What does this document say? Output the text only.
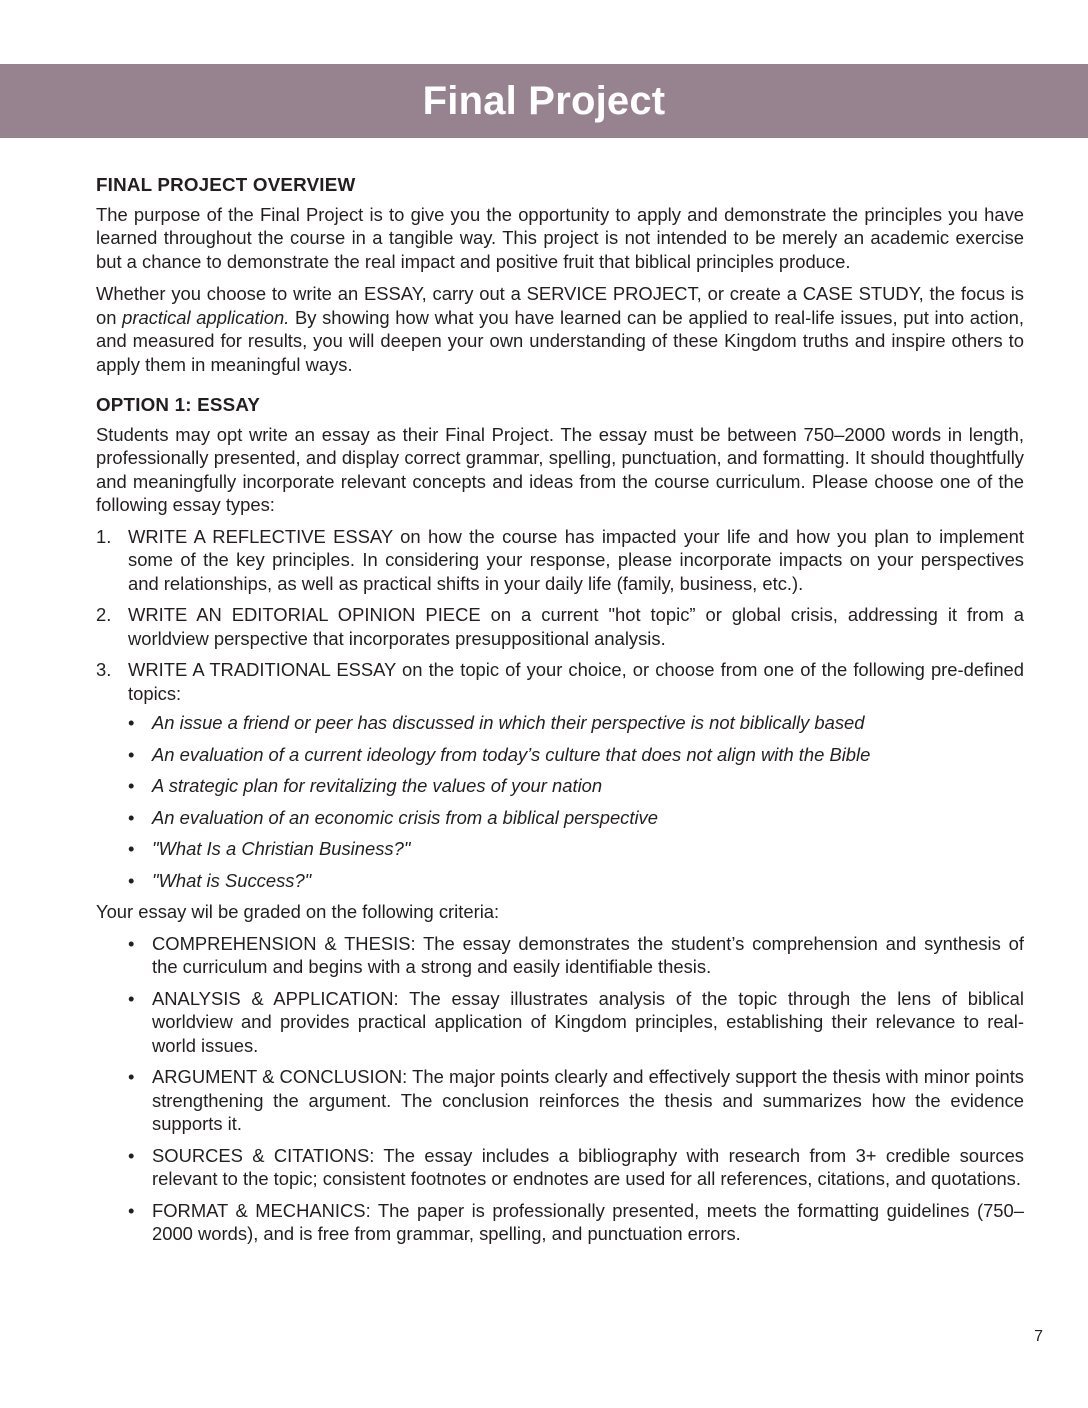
Final Project
FINAL PROJECT OVERVIEW

The purpose of the Final Project is to give you the opportunity to apply and demonstrate the principles you have learned throughout the course in a tangible way. This project is not intended to be merely an academic exercise but a chance to demonstrate the real impact and positive fruit that biblical principles produce.

Whether you choose to write an ESSAY, carry out a SERVICE PROJECT, or create a CASE STUDY, the focus is on practical application. By showing how what you have learned can be applied to real-life issues, put into action, and measured for results, you will deepen your own understanding of these Kingdom truths and inspire others to apply them in meaningful ways.

OPTION 1: ESSAY

Students may opt write an essay as their Final Project. The essay must be between 750–2000 words in length, professionally presented, and display correct grammar, spelling, punctuation, and formatting. It should thoughtfully and meaningfully incorporate relevant concepts and ideas from the course curriculum. Please choose one of the following essay types:

1. WRITE A REFLECTIVE ESSAY on how the course has impacted your life and how you plan to implement some of the key principles. In considering your response, please incorporate impacts on your perspectives and relationships, as well as practical shifts in your daily life (family, business, etc.).
2. WRITE AN EDITORIAL OPINION PIECE on a current "hot topic” or global crisis, addressing it from a worldview perspective that incorporates presuppositional analysis.
3. WRITE A TRADITIONAL ESSAY on the topic of your choice, or choose from one of the following pre-defined topics:
• An issue a friend or peer has discussed in which their perspective is not biblically based
• An evaluation of a current ideology from today’s culture that does not align with the Bible
• A strategic plan for revitalizing the values of your nation
• An evaluation of an economic crisis from a biblical perspective
• "What Is a Christian Business?"
• "What is Success?"
Your essay wil be graded on the following criteria:
• COMPREHENSION & THESIS: The essay demonstrates the student’s comprehension and synthesis of the curriculum and begins with a strong and easily identifiable thesis.
• ANALYSIS & APPLICATION: The essay illustrates analysis of the topic through the lens of biblical worldview and provides practical application of Kingdom principles, establishing their relevance to real-world issues.
• ARGUMENT & CONCLUSION: The major points clearly and effectively support the thesis with minor points strengthening the argument. The conclusion reinforces the thesis and summarizes how the evidence supports it.
• SOURCES & CITATIONS: The essay includes a bibliography with research from 3+ credible sources relevant to the topic; consistent footnotes or endnotes are used for all references, citations, and quotations.
• FORMAT & MECHANICS: The paper is professionally presented, meets the formatting guidelines (750–2000 words), and is free from grammar, spelling, and punctuation errors.
7
